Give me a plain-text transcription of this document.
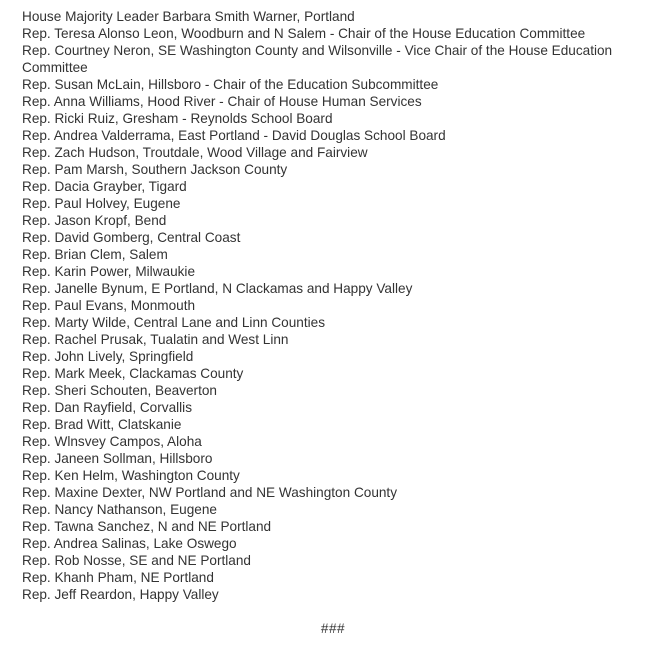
House Majority Leader Barbara Smith Warner, Portland
Rep. Teresa Alonso Leon, Woodburn and N Salem - Chair of the House Education Committee
Rep. Courtney Neron, SE Washington County and Wilsonville - Vice Chair of the House Education Committee
Rep. Susan McLain, Hillsboro - Chair of the Education Subcommittee
Rep. Anna Williams, Hood River - Chair of House Human Services
Rep. Ricki Ruiz, Gresham - Reynolds School Board
Rep. Andrea Valderrama, East Portland - David Douglas School Board
Rep. Zach Hudson, Troutdale, Wood Village and Fairview
Rep. Pam Marsh, Southern Jackson County
Rep. Dacia Grayber, Tigard
Rep. Paul Holvey, Eugene
Rep. Jason Kropf, Bend
Rep. David Gomberg, Central Coast
Rep. Brian Clem, Salem
Rep. Karin Power, Milwaukie
Rep. Janelle Bynum, E Portland, N Clackamas and Happy Valley
Rep. Paul Evans, Monmouth
Rep. Marty Wilde, Central Lane and Linn Counties
Rep. Rachel Prusak, Tualatin and West Linn
Rep. John Lively, Springfield
Rep. Mark Meek, Clackamas County
Rep. Sheri Schouten, Beaverton
Rep. Dan Rayfield, Corvallis
Rep. Brad Witt, Clatskanie
Rep. Wlnsvey Campos, Aloha
Rep. Janeen Sollman, Hillsboro
Rep. Ken Helm, Washington County
Rep. Maxine Dexter, NW Portland and NE Washington County
Rep. Nancy Nathanson, Eugene
Rep. Tawna Sanchez, N and NE Portland
Rep. Andrea Salinas, Lake Oswego
Rep. Rob Nosse, SE and NE Portland
Rep. Khanh Pham, NE Portland
Rep. Jeff Reardon, Happy Valley
###
